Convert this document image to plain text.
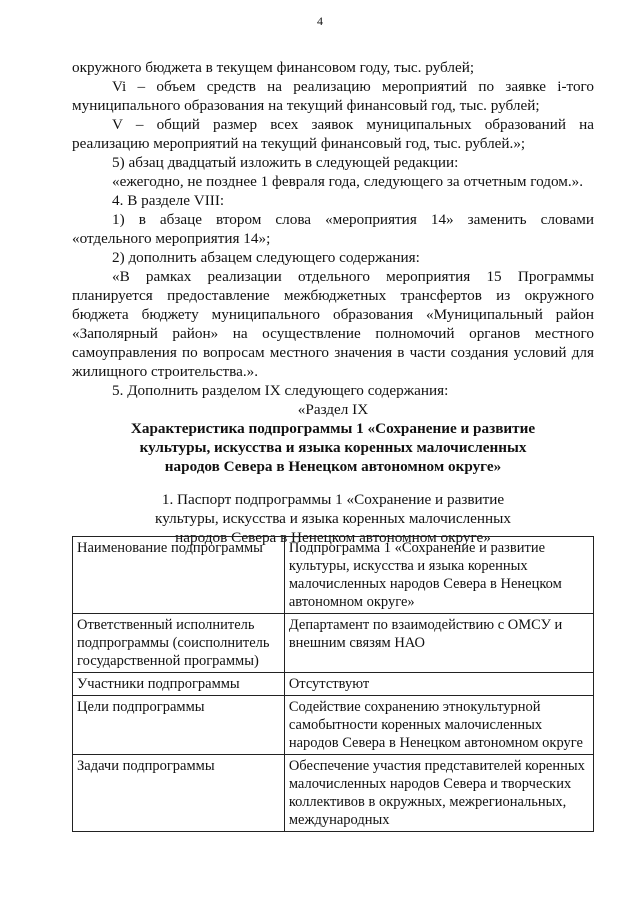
4

окружного бюджета в текущем финансовом году, тыс. рублей;

Vi – объем средств на реализацию мероприятий по заявке i-того муниципального образования на текущий финансовый год, тыс. рублей;

V – общий размер всех заявок муниципальных образований на реализацию мероприятий на текущий финансовый год, тыс. рублей.»;

5) абзац двадцатый изложить в следующей редакции:

«ежегодно, не позднее 1 февраля года, следующего за отчетным годом.».

4. В разделе VIII:

1) в абзаце втором слова «мероприятия 14» заменить словами «отдельного мероприятия 14»;

2) дополнить абзацем следующего содержания:

«В рамках реализации отдельного мероприятия 15 Программы планируется предоставление межбюджетных трансфертов из окружного бюджета бюджету муниципального образования «Муниципальный район «Заполярный район» на осуществление полномочий органов местного самоуправления по вопросам местного значения в части создания условий для жилищного строительства.».

5. Дополнить разделом IX следующего содержания:

«Раздел IX

Характеристика подпрограммы 1 «Сохранение и развитие культуры, искусства и языка коренных малочисленных народов Севера в Ненецком автономном округе»

1. Паспорт подпрограммы 1 «Сохранение и развитие культуры, искусства и языка коренных малочисленных народов Севера в Ненецком автономном округе»

Наименование подпрограммы	Подпрограмма 1 «Сохранение и развитие культуры, искусства и языка коренных малочисленных народов Севера в Ненецком автономном округе»
Ответственный исполнитель подпрограммы (соисполнитель государственной программы)	Департамент по взаимодействию с ОМСУ и внешним связям НАО
Участники подпрограммы	Отсутствуют
Цели подпрограммы	Содействие сохранению этнокультурной самобытности коренных малочисленных народов Севера в Ненецком автономном округе
Задачи подпрограммы	Обеспечение участия представителей коренных малочисленных народов Севера и творческих коллективов в окружных, межрегиональных, международных
